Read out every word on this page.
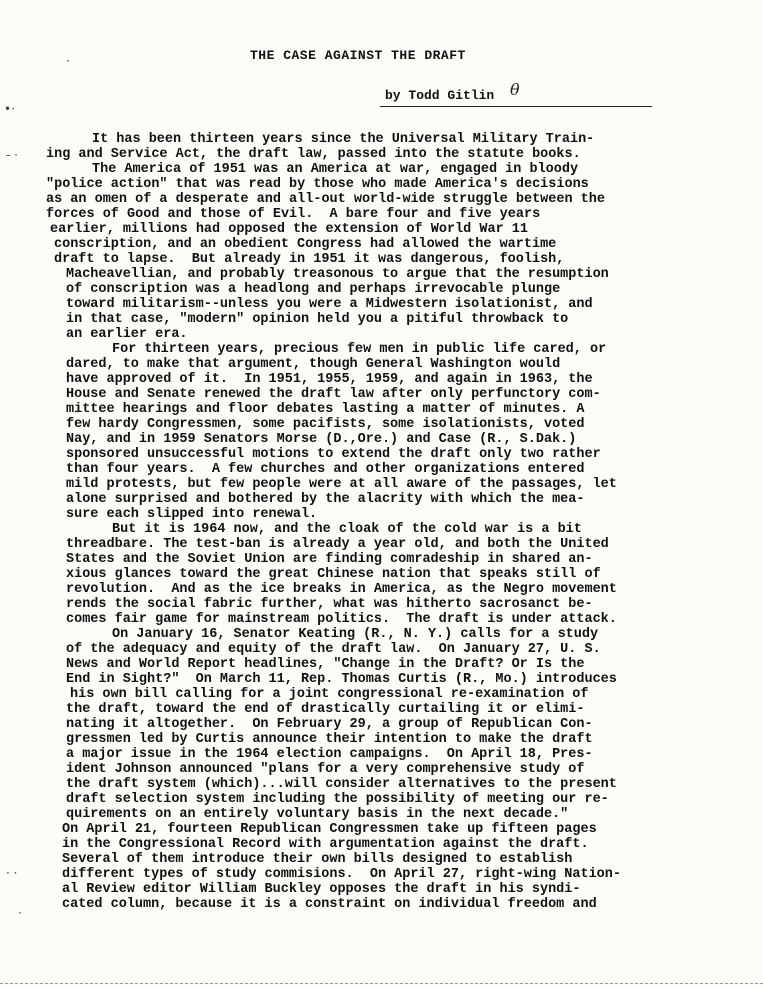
THE CASE AGAINST THE DRAFT
by Todd Gitlin θ
·
•·
- ·
· ·
·
It has been thirteen years since the Universal Military Train-
ing and Service Act, the draft law, passed into the statute books.
The America of 1951 was an America at war, engaged in bloody
"police action" that was read by those who made America's decisions
as an omen of a desperate and all-out world-wide struggle between the
forces of Good and those of Evil.  A bare four and five years
earlier, millions had opposed the extension of World War 11
conscription, and an obedient Congress had allowed the wartime
draft to lapse.  But already in 1951 it was dangerous, foolish,
Macheavellian, and probably treasonous to argue that the resumption
of conscription was a headlong and perhaps irrevocable plunge
toward militarism--unless you were a Midwestern isolationist, and
in that case, "modern" opinion held you a pitiful throwback to
an earlier era.
For thirteen years, precious few men in public life cared, or
dared, to make that argument, though General Washington would
have approved of it.  In 1951, 1955, 1959, and again in 1963, the
House and Senate renewed the draft law after only perfunctory com-
mittee hearings and floor debates lasting a matter of minutes. A
few hardy Congressmen, some pacifists, some isolationists, voted
Nay, and in 1959 Senators Morse (D.,Ore.) and Case (R., S.Dak.)
sponsored unsuccessful motions to extend the draft only two rather
than four years.  A few churches and other organizations entered
mild protests, but few people were at all aware of the passages, let
alone surprised and bothered by the alacrity with which the mea-
sure each slipped into renewal.
But it is 1964 now, and the cloak of the cold war is a bit
threadbare. The test-ban is already a year old, and both the United
States and the Soviet Union are finding comradeship in shared an-
xious glances toward the great Chinese nation that speaks still of
revolution.  And as the ice breaks in America, as the Negro movement
rends the social fabric further, what was hitherto sacrosanct be-
comes fair game for mainstream politics.  The draft is under attack.
On January 16, Senator Keating (R., N. Y.) calls for a study
of the adequacy and equity of the draft law.  On January 27, U. S.
News and World Report headlines, "Change in the Draft? Or Is the
End in Sight?"  On March 11, Rep. Thomas Curtis (R., Mo.) introduces
his own bill calling for a joint congressional re-examination of
the draft, toward the end of drastically curtailing it or elimi-
nating it altogether.  On February 29, a group of Republican Con-
gressmen led by Curtis announce their intention to make the draft
a major issue in the 1964 election campaigns.  On April 18, Pres-
ident Johnson announced "plans for a very comprehensive study of
the draft system (which)...will consider alternatives to the present
draft selection system including the possibility of meeting our re-
quirements on an entirely voluntary basis in the next decade."
On April 21, fourteen Republican Congressmen take up fifteen pages
in the Congressional Record with argumentation against the draft.
Several of them introduce their own bills designed to establish
different types of study commisions.  On April 27, right-wing Nation-
al Review editor William Buckley opposes the draft in his syndi-
cated column, because it is a constraint on individual freedom and
